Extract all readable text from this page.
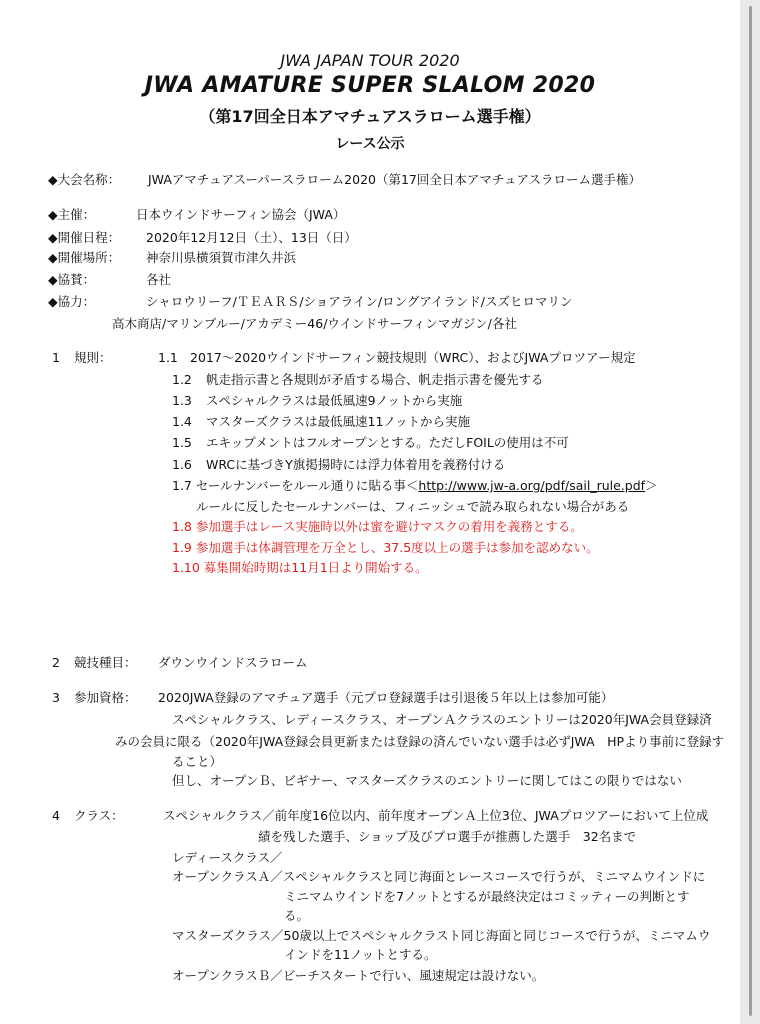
JWA JAPAN TOUR 2020
JWA AMATURE SUPER SLALOM 2020
（第17回全日本アマチュアスラローム選手権）
レース公示
◆大会名称： JWAアマチュアスーパースラローム2020（第17回全日本アマチュアスラローム選手権）
◆主催：	日本ウインドサーフィン協会（JWA）
◆開催日程： 2020年12月12日（土）、13日（日）
◆開催場所： 神奈川県横須賀市津久井浜
◆協賛：	各社
◆協力：	シャロウリーフ/ＴＥＡＲＳ/ショアライン/ロングアイランド/スズヒロマリン
高木商店/マリンブルー/アカデミー46/ウインドサーフィンマガジン/各社
1 規則：	1.1 2017～2020ウインドサーフィン競技規則（WRC）、およびJWAプロツアー規定
1.2 帆走指示書と各規則が矛盾する場合、帆走指示書を優先する
1.3 スペシャルクラスは最低風速9ノットから実施
1.4 マスターズクラスは最低風速11ノットから実施
1.5 エキップメントはフルオープンとする。ただしFOILの使用は不可
1.6 WRCに基づきY旗掲揚時には浮力体着用を義務付ける
1.7 セールナンバーをルール通りに貼る事＜http://www.jw-a.org/pdf/sail_rule.pdf＞
ルールに反したセールナンバーは、フィニッシュで読み取られない場合がある
1.8 参加選手はレース実施時以外は蜜を避けマスクの着用を義務とする。
1.9 参加選手は体調管理を万全とし、37.5度以上の選手は参加を認めない。
1.10 募集開始時期は11月1日より開始する。
2 競技種目： ダウンウインドスラローム
3 参加資格： 2020JWA登録のアマチュア選手（元プロ登録選手は引退後５年以上は参加可能）
スペシャルクラス、レディースクラス、オープンＡクラスのエントリーは2020年JWA会員登録済
みの会員に限る（2020年JWA登録会員更新または登録の済んでいない選手は必ずJWA　HPより事前に登録す
ること）
但し、オープンＢ、ビギナー、マスターズクラスのエントリーに関してはこの限りではない
4 クラス：	スペシャルクラス／前年度16位以内、前年度オープンＡ上位3位、JWAプロツアーにおいて上位成
績を残した選手、ショップ及びプロ選手が推薦した選手　32名まで
レディースクラス／
オープンクラスＡ／スペシャルクラスと同じ海面とレースコースで行うが、ミニマムウインドに
ミニマムウインドを7ノットとするが最終決定はコミッティーの判断とす
る。
マスターズクラス／50歳以上でスペシャルクラスト同じ海面と同じコースで行うが、ミニマムウ
インドを11ノットとする。
オープンクラスＢ／ビーチスタートで行い、風速規定は設けない。
